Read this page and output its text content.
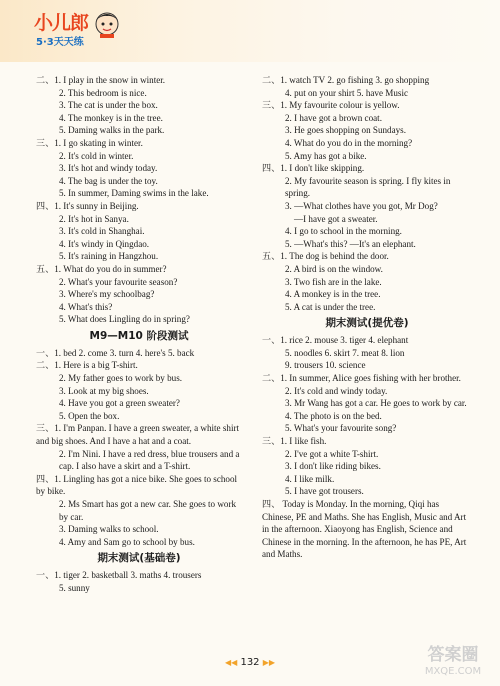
小儿郎
5·3天天练
二、1. I play in the snow in winter.
2. This bedroom is nice.
3. The cat is under the box.
4. The monkey is in the tree.
5. Daming walks in the park.
三、1. I go skating in winter.
2. It's cold in winter.
3. It's hot and windy today.
4. The bag is under the toy.
5. In summer, Daming swims in the lake.
四、1. It's sunny in Beijing.
2. It's hot in Sanya.
3. It's cold in Shanghai.
4. It's windy in Qingdao.
5. It's raining in Hangzhou.
五、1. What do you do in summer?
2. What's your favourite season?
3. Where's my schoolbag?
4. What's this?
5. What does Lingling do in spring?
M9—M10 阶段测试
一、1. bed 2. come 3. turn 4. here's 5. back
二、1. Here is a big T-shirt.
2. My father goes to work by bus.
3. Look at my big shoes.
4. Have you got a green sweater?
5. Open the box.
三、1. I'm Panpan. I have a green sweater, a white shirt and big shoes. And I have a hat and a coat.
2. I'm Nini. I have a red dress, blue trousers and a cap. I also have a skirt and a T-shirt.
四、1. Lingling has got a nice bike. She goes to school by bike.
2. Ms Smart has got a new car. She goes to work by car.
3. Daming walks to school.
4. Amy and Sam go to school by bus.
期末测试(基础卷)
一、1. tiger 2. basketball 3. maths 4. trousers
5. sunny
二、1. watch TV 2. go fishing 3. go shopping
4. put on your shirt 5. have Music
三、1. My favourite colour is yellow.
2. I have got a brown coat.
3. He goes shopping on Sundays.
4. What do you do in the morning?
5. Amy has got a bike.
四、1. I don't like skipping.
2. My favourite season is spring. I fly kites in spring.
3. —What clothes have you got, Mr Dog?
—I have got a sweater.
4. I go to school in the morning.
5. —What's this? —It's an elephant.
五、1. The dog is behind the door.
2. A bird is on the window.
3. Two fish are in the lake.
4. A monkey is in the tree.
5. A cat is under the tree.
期末测试(提优卷)
一、1. rice 2. mouse 3. tiger 4. elephant
5. noodles 6. skirt 7. meat 8. lion
9. trousers 10. science
二、1. In summer, Alice goes fishing with her brother.
2. It's cold and windy today.
3. Mr Wang has got a car. He goes to work by car.
4. The photo is on the bed.
5. What's your favourite song?
三、1. I like fish.
2. I've got a white T-shirt.
3. I don't like riding bikes.
4. I like milk.
5. I have got trousers.
四、 Today is Monday. In the morning, Qiqi has Chinese, PE and Maths. She has English, Music and Art in the afternoon. Xiaoyong has English, Science and Chinese in the morning. In the afternoon, he has PE, Art and Maths.
◀◀ 132 ▶▶	答案圈
MXQE.COM
